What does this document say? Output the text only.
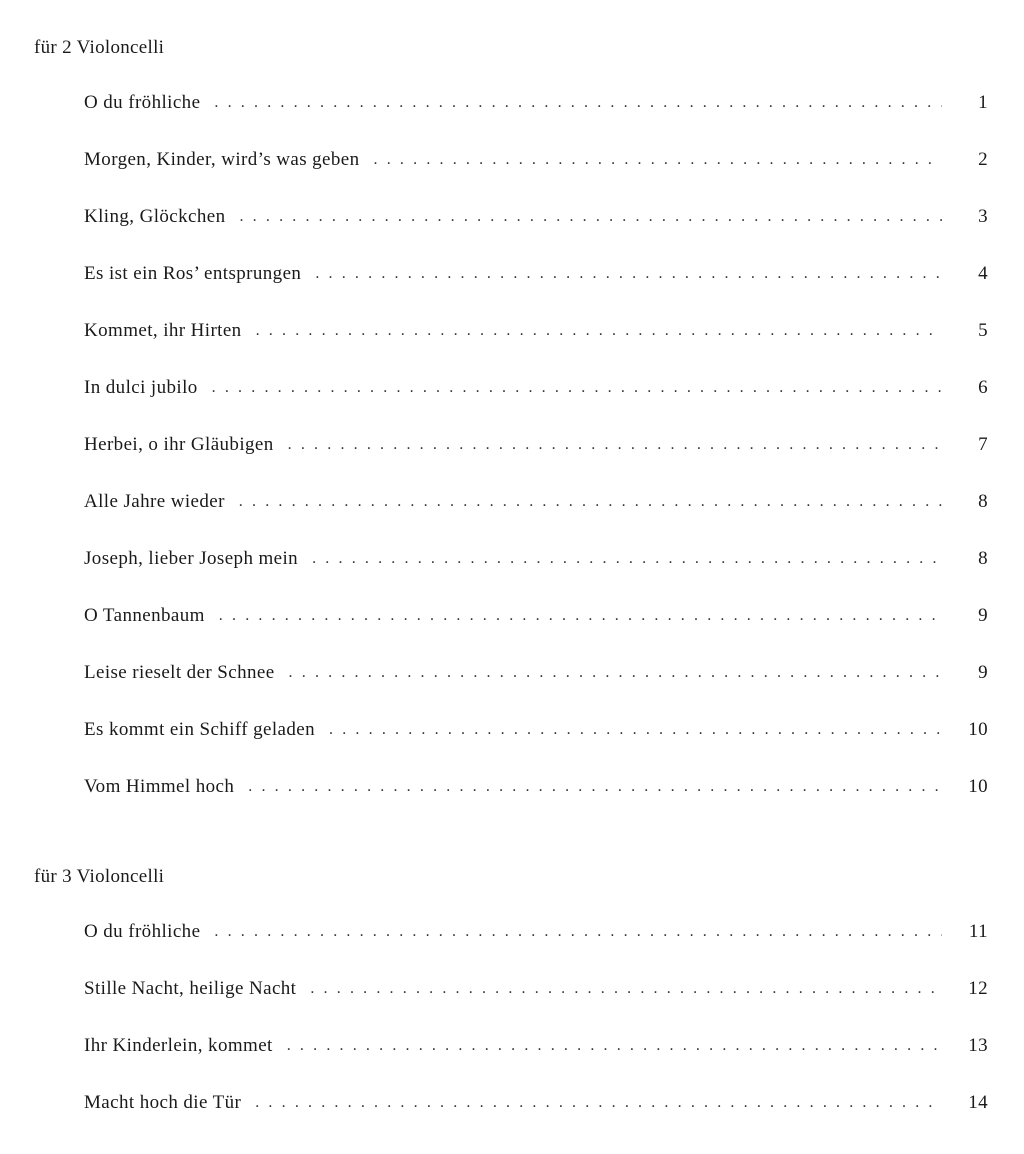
für 2 Violoncelli
O du fröhliche . . .	1
Morgen, Kinder, wird’s was geben . . .	2
Kling, Glöckchen . . .	3
Es ist ein Ros’ entsprungen . . .	4
Kommet, ihr Hirten . . .	5
In dulci jubilo . . .	6
Herbei, o ihr Gläubigen . . .	7
Alle Jahre wieder . . .	8
Joseph, lieber Joseph mein . . .	8
O Tannenbaum . . .	9
Leise rieselt der Schnee . . .	9
Es kommt ein Schiff geladen . . .	10
Vom Himmel hoch . . .	10
für 3 Violoncelli
O du fröhliche . . .	11
Stille Nacht, heilige Nacht . . .	12
Ihr Kinderlein, kommet . . .	13
Macht hoch die Tür . . .	14
